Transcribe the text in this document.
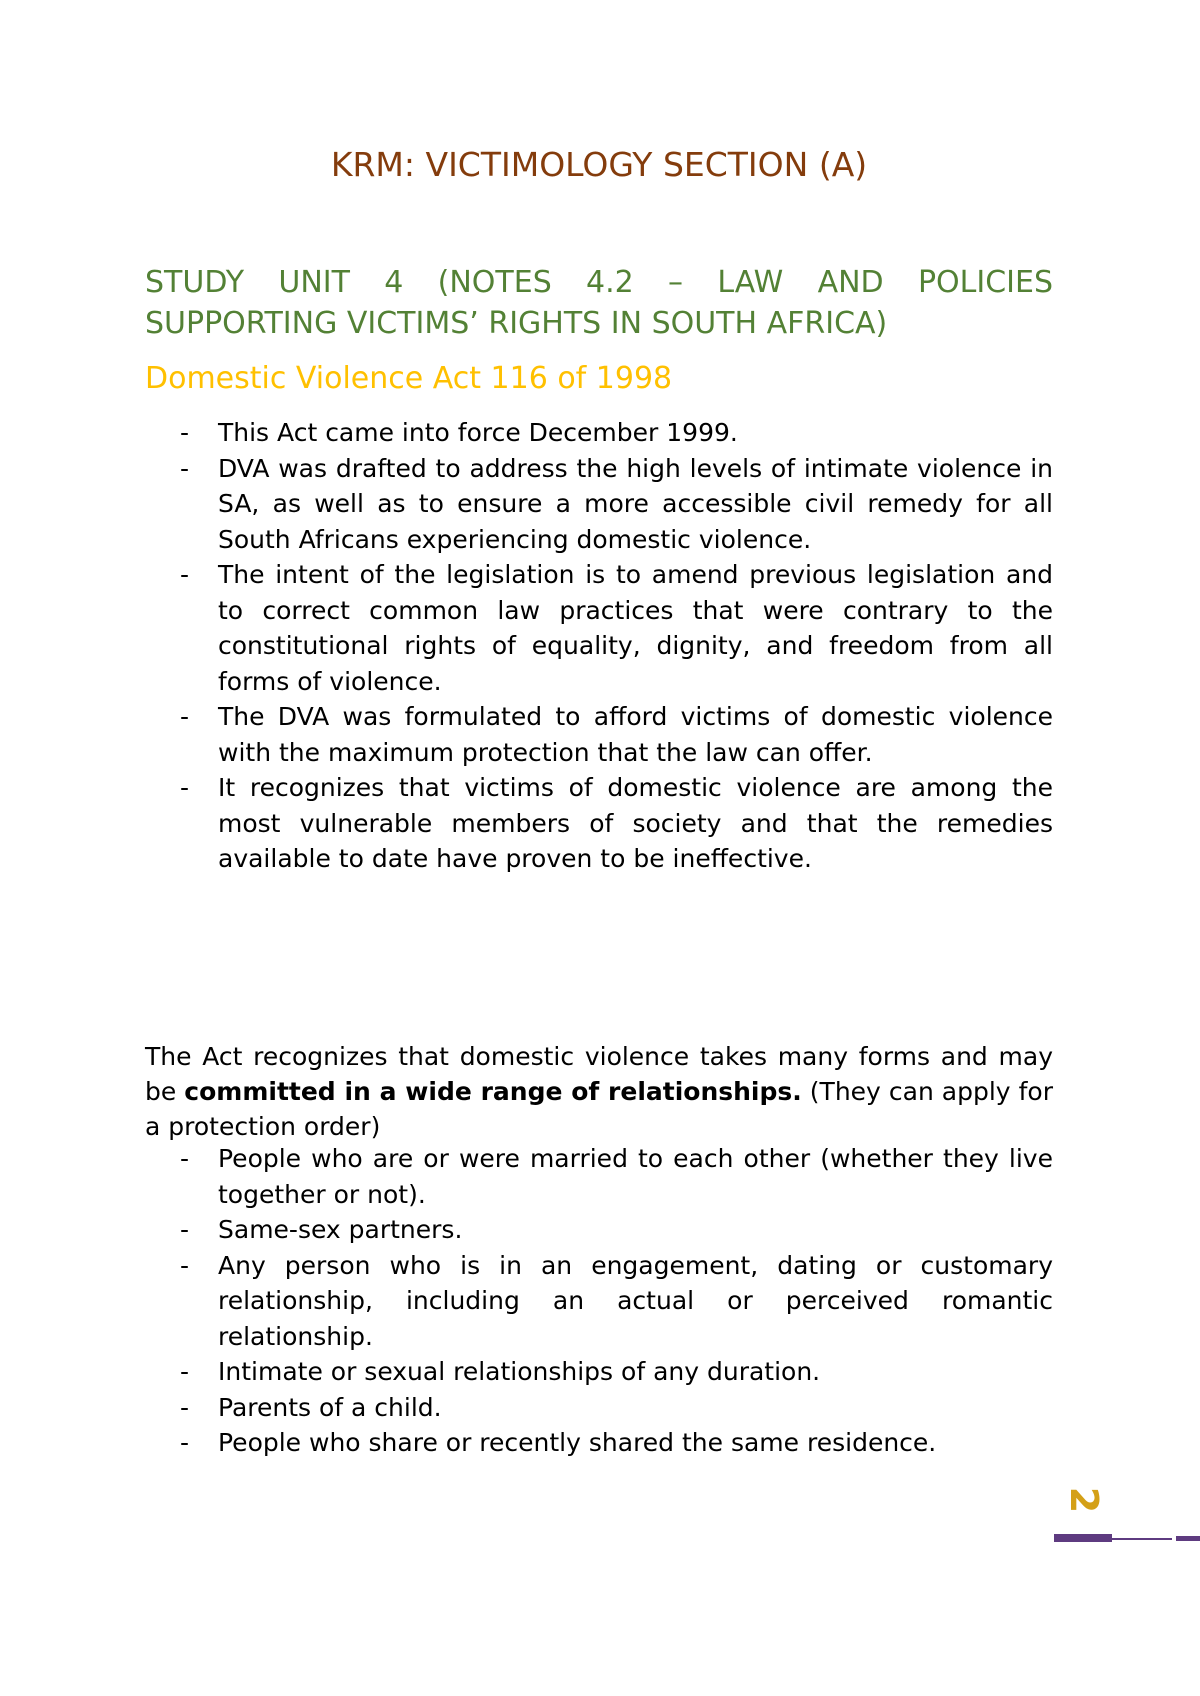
KRM: VICTIMOLOGY SECTION (A)
STUDY UNIT 4 (NOTES 4.2 – LAW AND POLICIES
SUPPORTING VICTIMS’ RIGHTS IN SOUTH AFRICA)
Domestic Violence Act 116 of 1998
- This Act came into force December 1999.
- DVA was drafted to address the high levels of intimate violence in SA, as well as to ensure a more accessible civil remedy for all South Africans experiencing domestic violence.
- The intent of the legislation is to amend previous legislation and to correct common law practices that were contrary to the constitutional rights of equality, dignity, and freedom from all forms of violence.
- The DVA was formulated to afford victims of domestic violence with the maximum protection that the law can offer.
- It recognizes that victims of domestic violence are among the most vulnerable members of society and that the remedies available to date have proven to be ineffective.

The Act recognizes that domestic violence takes many forms and may be committed in a wide range of relationships. (They can apply for a protection order)

- People who are or were married to each other (whether they live together or not).
- Same-sex partners.
- Any person who is in an engagement, dating or customary relationship, including an actual or perceived romantic relationship.
- Intimate or sexual relationships of any duration.
- Parents of a child.
- People who share or recently shared the same residence.
2
